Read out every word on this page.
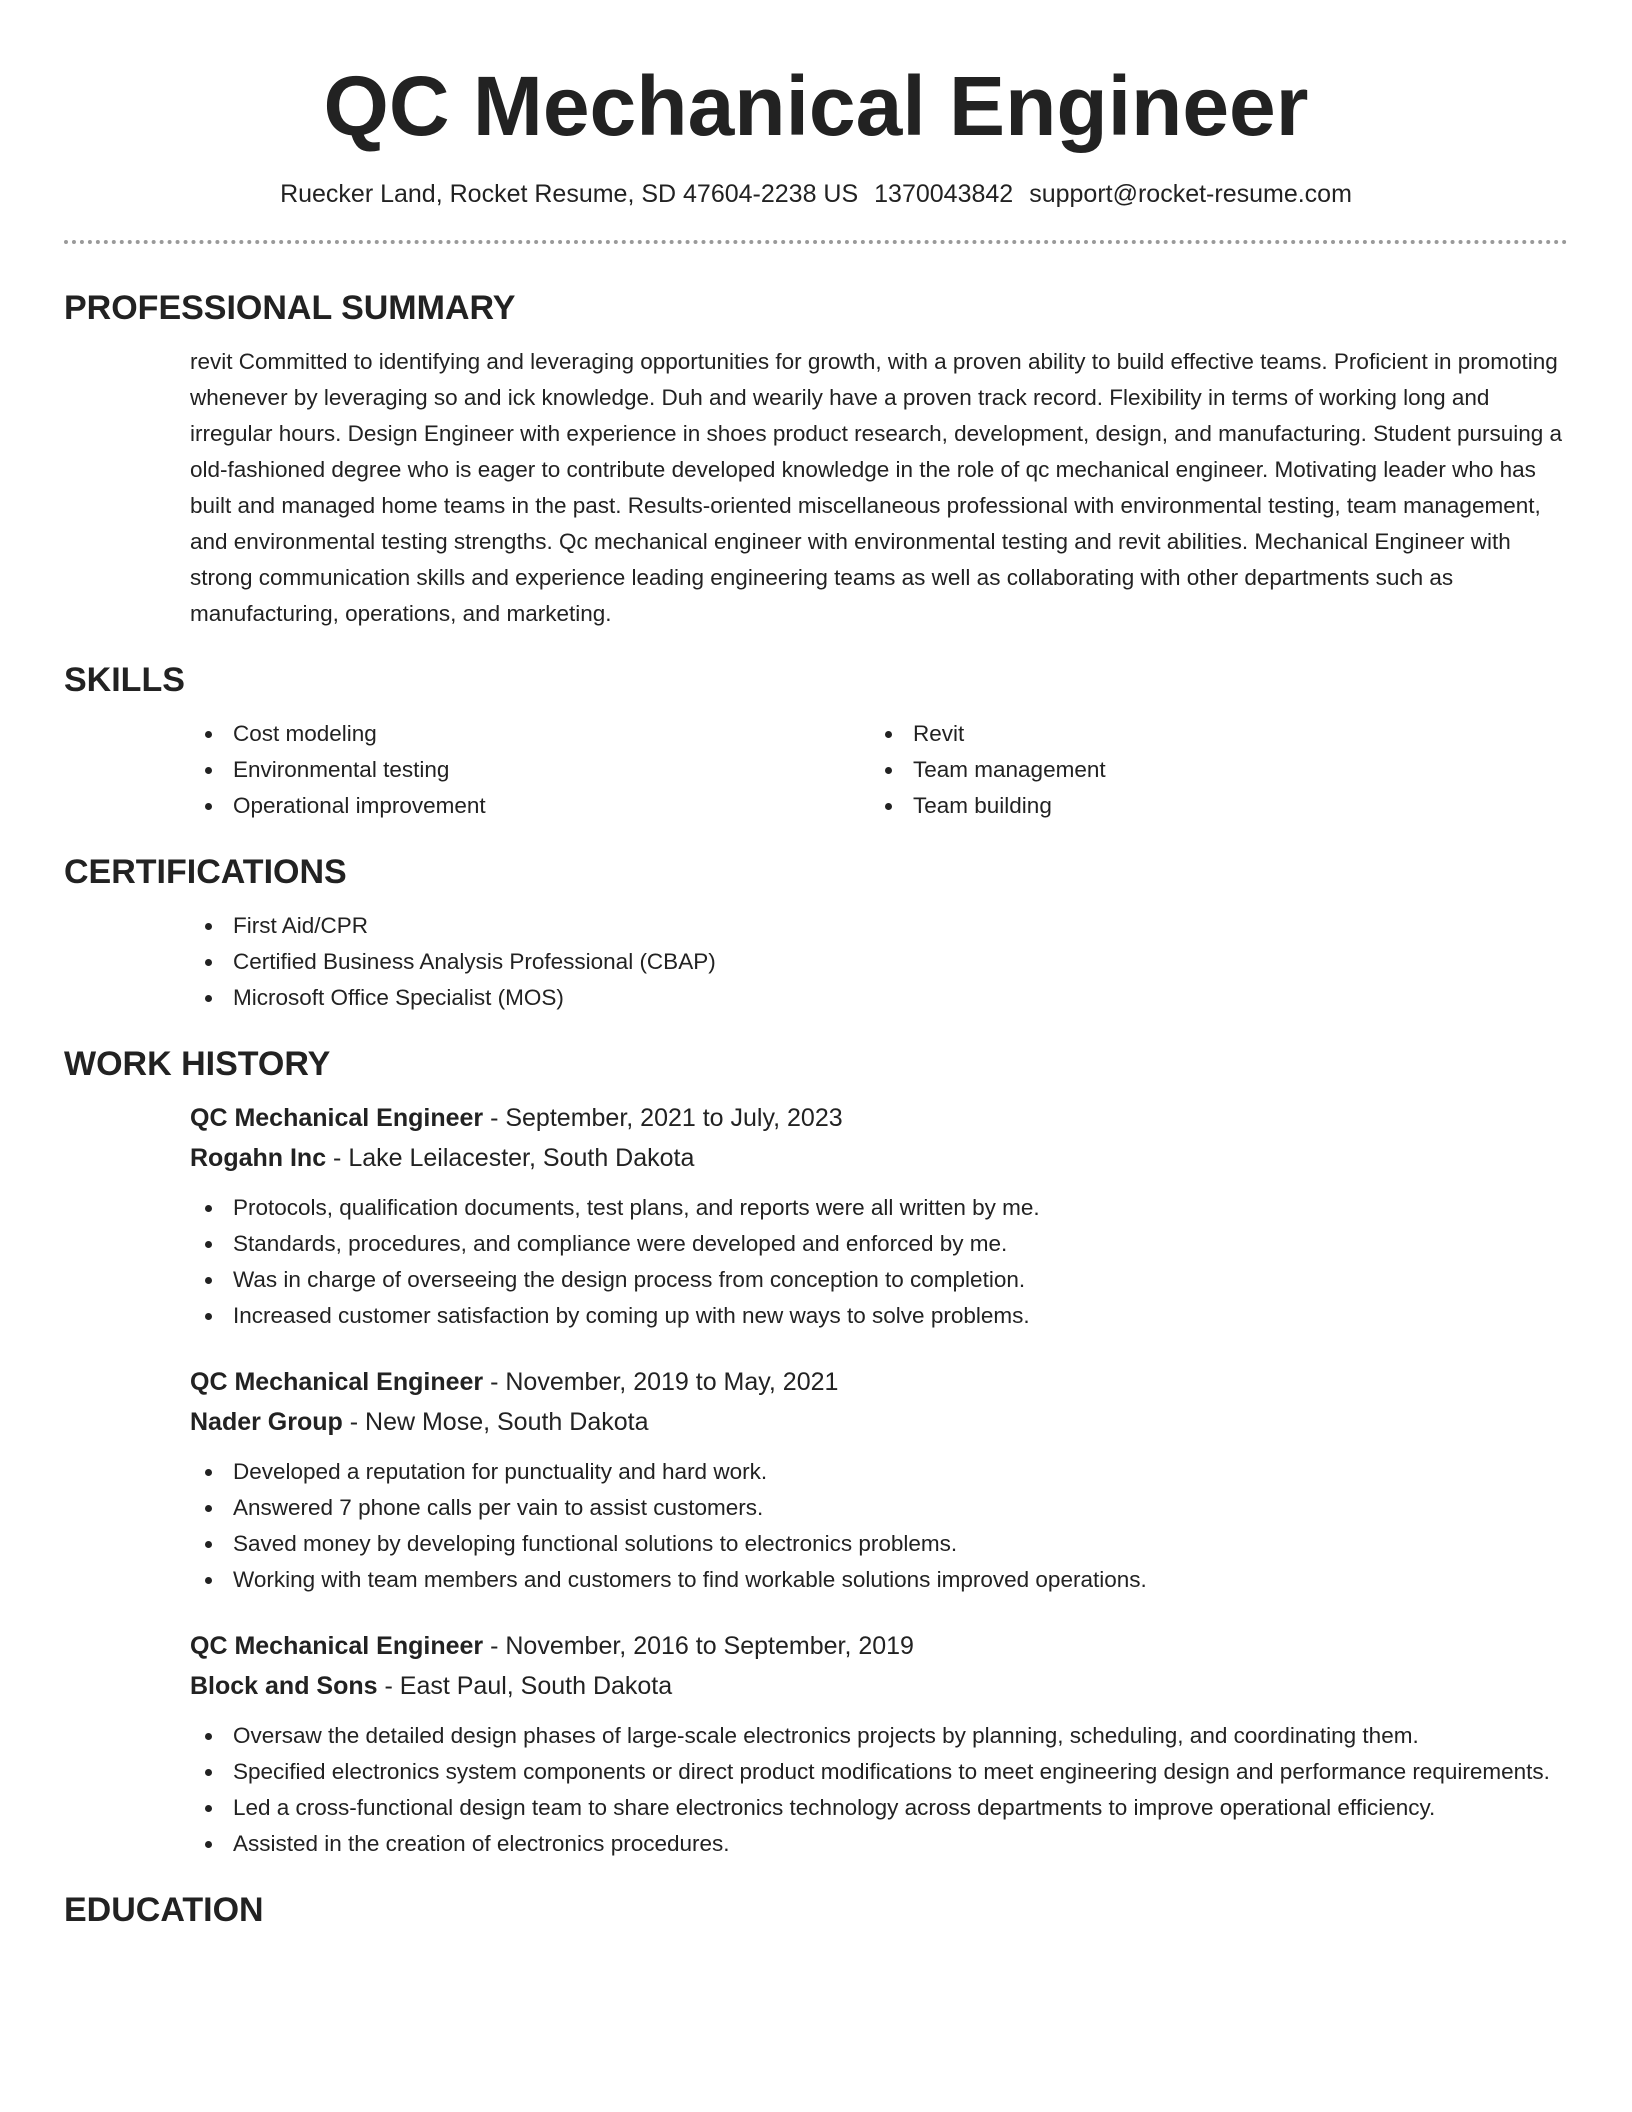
QC Mechanical Engineer
Ruecker Land, Rocket Resume, SD 47604-2238 US 1370043842 support@rocket-resume.com
PROFESSIONAL SUMMARY
revit Committed to identifying and leveraging opportunities for growth, with a proven ability to build effective teams. Proficient in promoting whenever by leveraging so and ick knowledge. Duh and wearily have a proven track record. Flexibility in terms of working long and irregular hours. Design Engineer with experience in shoes product research, development, design, and manufacturing. Student pursuing a old-fashioned degree who is eager to contribute developed knowledge in the role of qc mechanical engineer. Motivating leader who has built and managed home teams in the past. Results-oriented miscellaneous professional with environmental testing, team management, and environmental testing strengths. Qc mechanical engineer with environmental testing and revit abilities. Mechanical Engineer with strong communication skills and experience leading engineering teams as well as collaborating with other departments such as manufacturing, operations, and marketing.
SKILLS
Cost modeling
Environmental testing
Operational improvement
Revit
Team management
Team building
CERTIFICATIONS
First Aid/CPR
Certified Business Analysis Professional (CBAP)
Microsoft Office Specialist (MOS)
WORK HISTORY
QC Mechanical Engineer - September, 2021 to July, 2023
Rogahn Inc - Lake Leilacester, South Dakota
Protocols, qualification documents, test plans, and reports were all written by me.
Standards, procedures, and compliance were developed and enforced by me.
Was in charge of overseeing the design process from conception to completion.
Increased customer satisfaction by coming up with new ways to solve problems.
QC Mechanical Engineer - November, 2019 to May, 2021
Nader Group - New Mose, South Dakota
Developed a reputation for punctuality and hard work.
Answered 7 phone calls per vain to assist customers.
Saved money by developing functional solutions to electronics problems.
Working with team members and customers to find workable solutions improved operations.
QC Mechanical Engineer - November, 2016 to September, 2019
Block and Sons - East Paul, South Dakota
Oversaw the detailed design phases of large-scale electronics projects by planning, scheduling, and coordinating them.
Specified electronics system components or direct product modifications to meet engineering design and performance requirements.
Led a cross-functional design team to share electronics technology across departments to improve operational efficiency.
Assisted in the creation of electronics procedures.
EDUCATION
